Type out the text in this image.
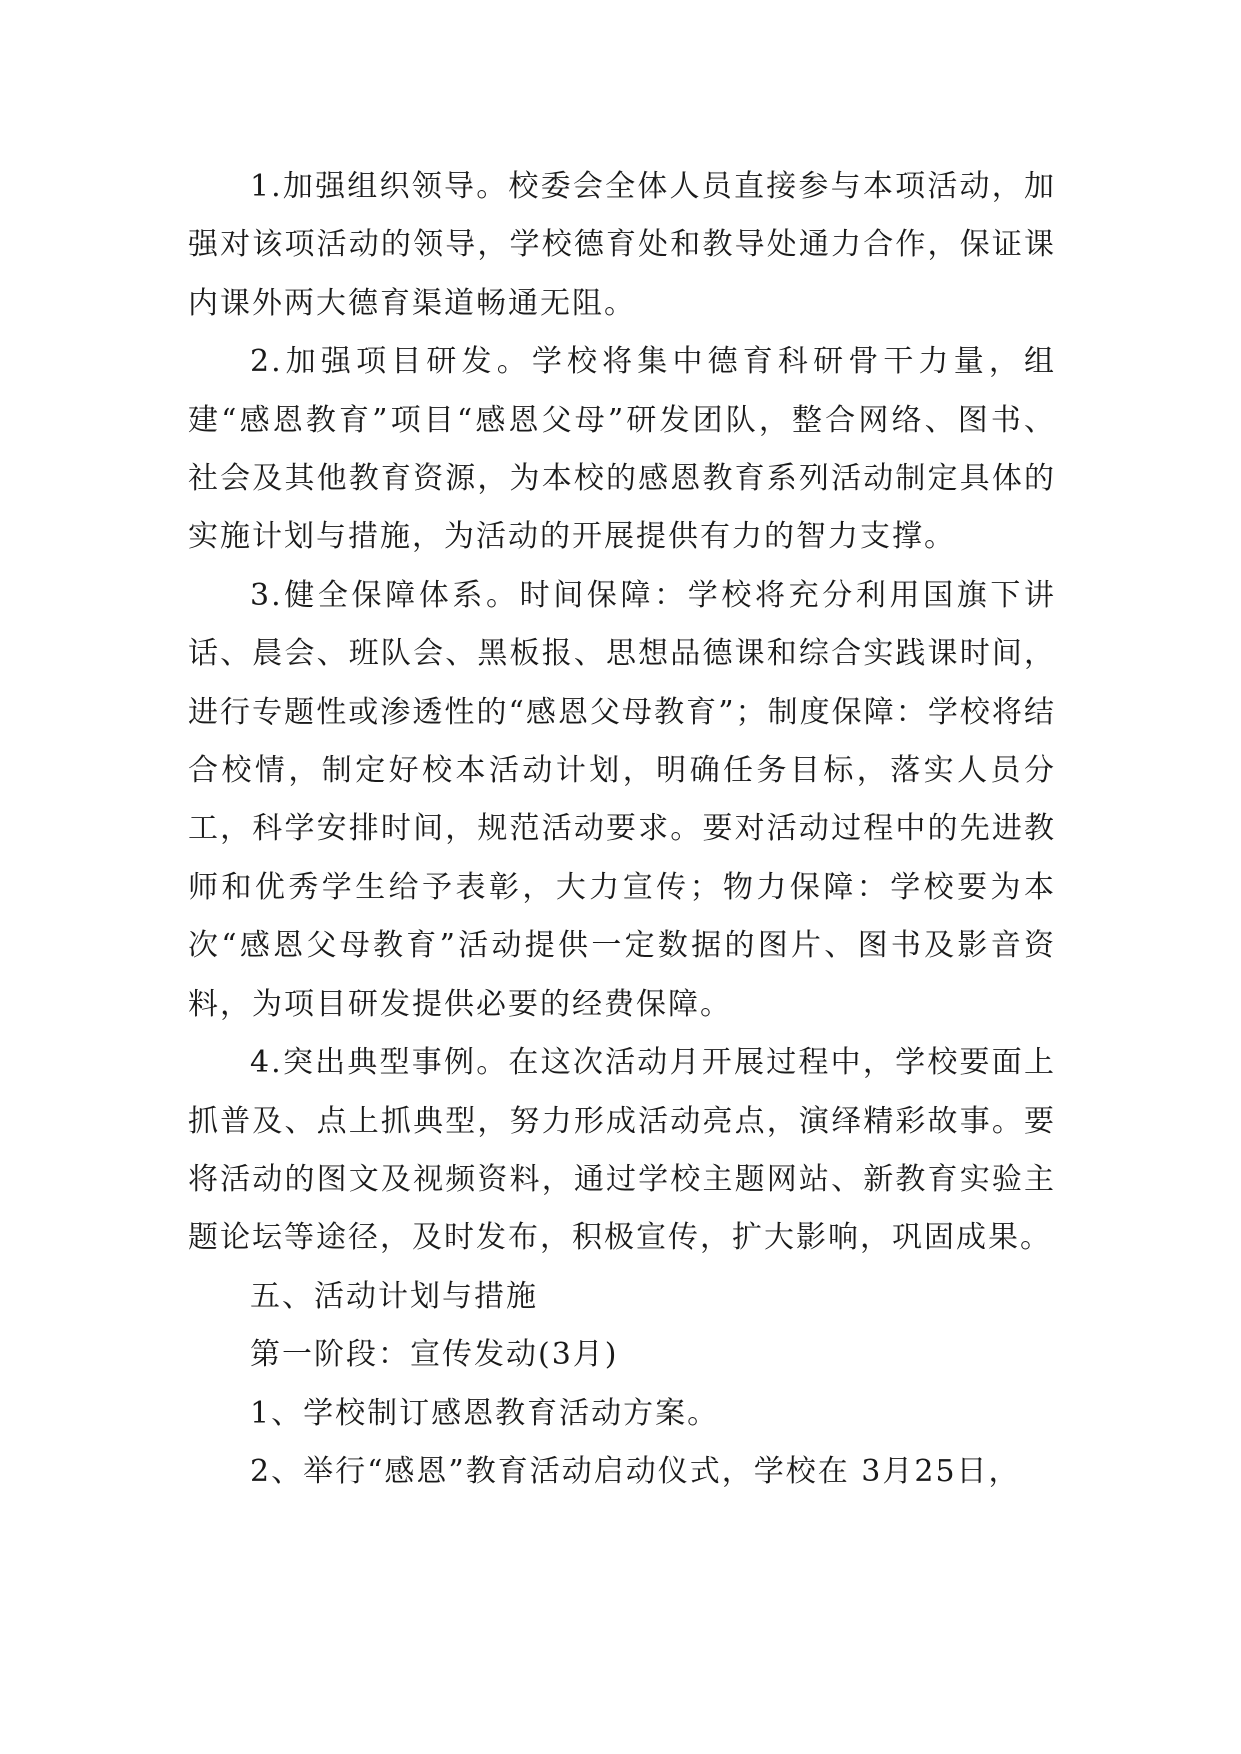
1.加强组织领导。校委会全体人员直接参与本项活动，加强对该项活动的领导，学校德育处和教导处通力合作，保证课内课外两大德育渠道畅通无阻。

2.加强项目研发。学校将集中德育科研骨干力量，组建“感恩教育”项目“感恩父母”研发团队，整合网络、图书、社会及其他教育资源，为本校的感恩教育系列活动制定具体的实施计划与措施，为活动的开展提供有力的智力支撑。

3.健全保障体系。时间保障：学校将充分利用国旗下讲话、晨会、班队会、黑板报、思想品德课和综合实践课时间，进行专题性或渗透性的“感恩父母教育”；制度保障：学校将结合校情，制定好校本活动计划，明确任务目标，落实人员分工，科学安排时间，规范活动要求。要对活动过程中的先进教师和优秀学生给予表彰，大力宣传；物力保障：学校要为本次“感恩父母教育”活动提供一定数据的图片、图书及影音资料，为项目研发提供必要的经费保障。

4.突出典型事例。在这次活动月开展过程中，学校要面上抓普及、点上抓典型，努力形成活动亮点，演绎精彩故事。要将活动的图文及视频资料，通过学校主题网站、新教育实验主题论坛等途径，及时发布，积极宣传，扩大影响，巩固成果。

五、活动计划与措施

第一阶段：宣传发动(3月)

1、学校制订感恩教育活动方案。

2、举行“感恩”教育活动启动仪式，学校在 3月25日，
